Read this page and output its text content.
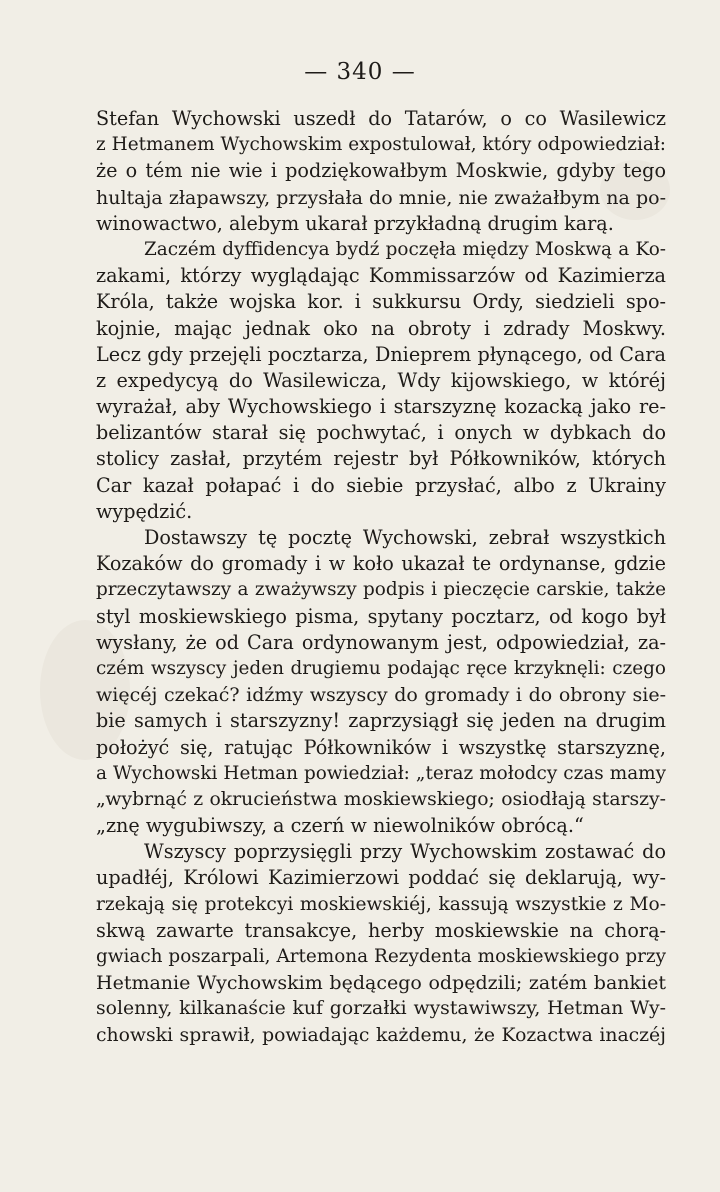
— 340 —
Stefan Wychowski uszedł do Tatarów, o co Wasilewicz
z Hetmanem Wychowskim expostulował, który odpowiedział:
że o tém nie wie i podziękowałbym Moskwie, gdyby tego
hultaja złapawszy, przysłała do mnie, nie zważałbym na po-
winowactwo, alebym ukarał przykładną drugim karą.
Zaczém dyffidencya bydź poczęła między Moskwą a Ko-
zakami, którzy wyglądając Kommissarzów od Kazimierza
Króla, także wojska kor. i sukkursu Ordy, siedzieli spo-
kojnie, mając jednak oko na obroty i zdrady Moskwy.
Lecz gdy przejęli pocztarza, Dnieprem płynącego, od Cara
z expedycyą do Wasilewicza, Wdy kijowskiego, w któréj
wyrażał, aby Wychowskiego i starszyznę kozacką jako re-
belizantów starał się pochwytać, i onych w dybkach do
stolicy zasłał, przytém rejestr był Półkowników, których
Car kazał połapać i do siebie przysłać, albo z Ukrainy
wypędzić.
Dostawszy tę pocztę Wychowski, zebrał wszystkich
Kozaków do gromady i w koło ukazał te ordynanse, gdzie
przeczytawszy a zważywszy podpis i pieczęcie carskie, także
styl moskiewskiego pisma, spytany pocztarz, od kogo był
wysłany, że od Cara ordynowanym jest, odpowiedział, za-
czém wszyscy jeden drugiemu podając ręce krzyknęli: czego
więcéj czekać? idźmy wszyscy do gromady i do obrony sie-
bie samych i starszyzny! zaprzysiągł się jeden na drugim
położyć się, ratując Półkowników i wszystkę starszyznę,
a Wychowski Hetman powiedział: „teraz mołodcy czas mamy
„wybrnąć z okrucieństwa moskiewskiego; osiodłają starszy-
„znę wygubiwszy, a czerń w niewolników obrócą.“
Wszyscy poprzysięgli przy Wychowskim zostawać do
upadłéj, Królowi Kazimierzowi poddać się deklarują, wy-
rzekają się protekcyi moskiewskiéj, kassują wszystkie z Mo-
skwą zawarte transakcye, herby moskiewskie na chorą-
gwiach poszarpali, Artemona Rezydenta moskiewskiego przy
Hetmanie Wychowskim będącego odpędzili; zatém bankiet
solenny, kilkanaście kuf gorzałki wystawiwszy, Hetman Wy-
chowski sprawił, powiadając każdemu, że Kozactwa inaczéj
